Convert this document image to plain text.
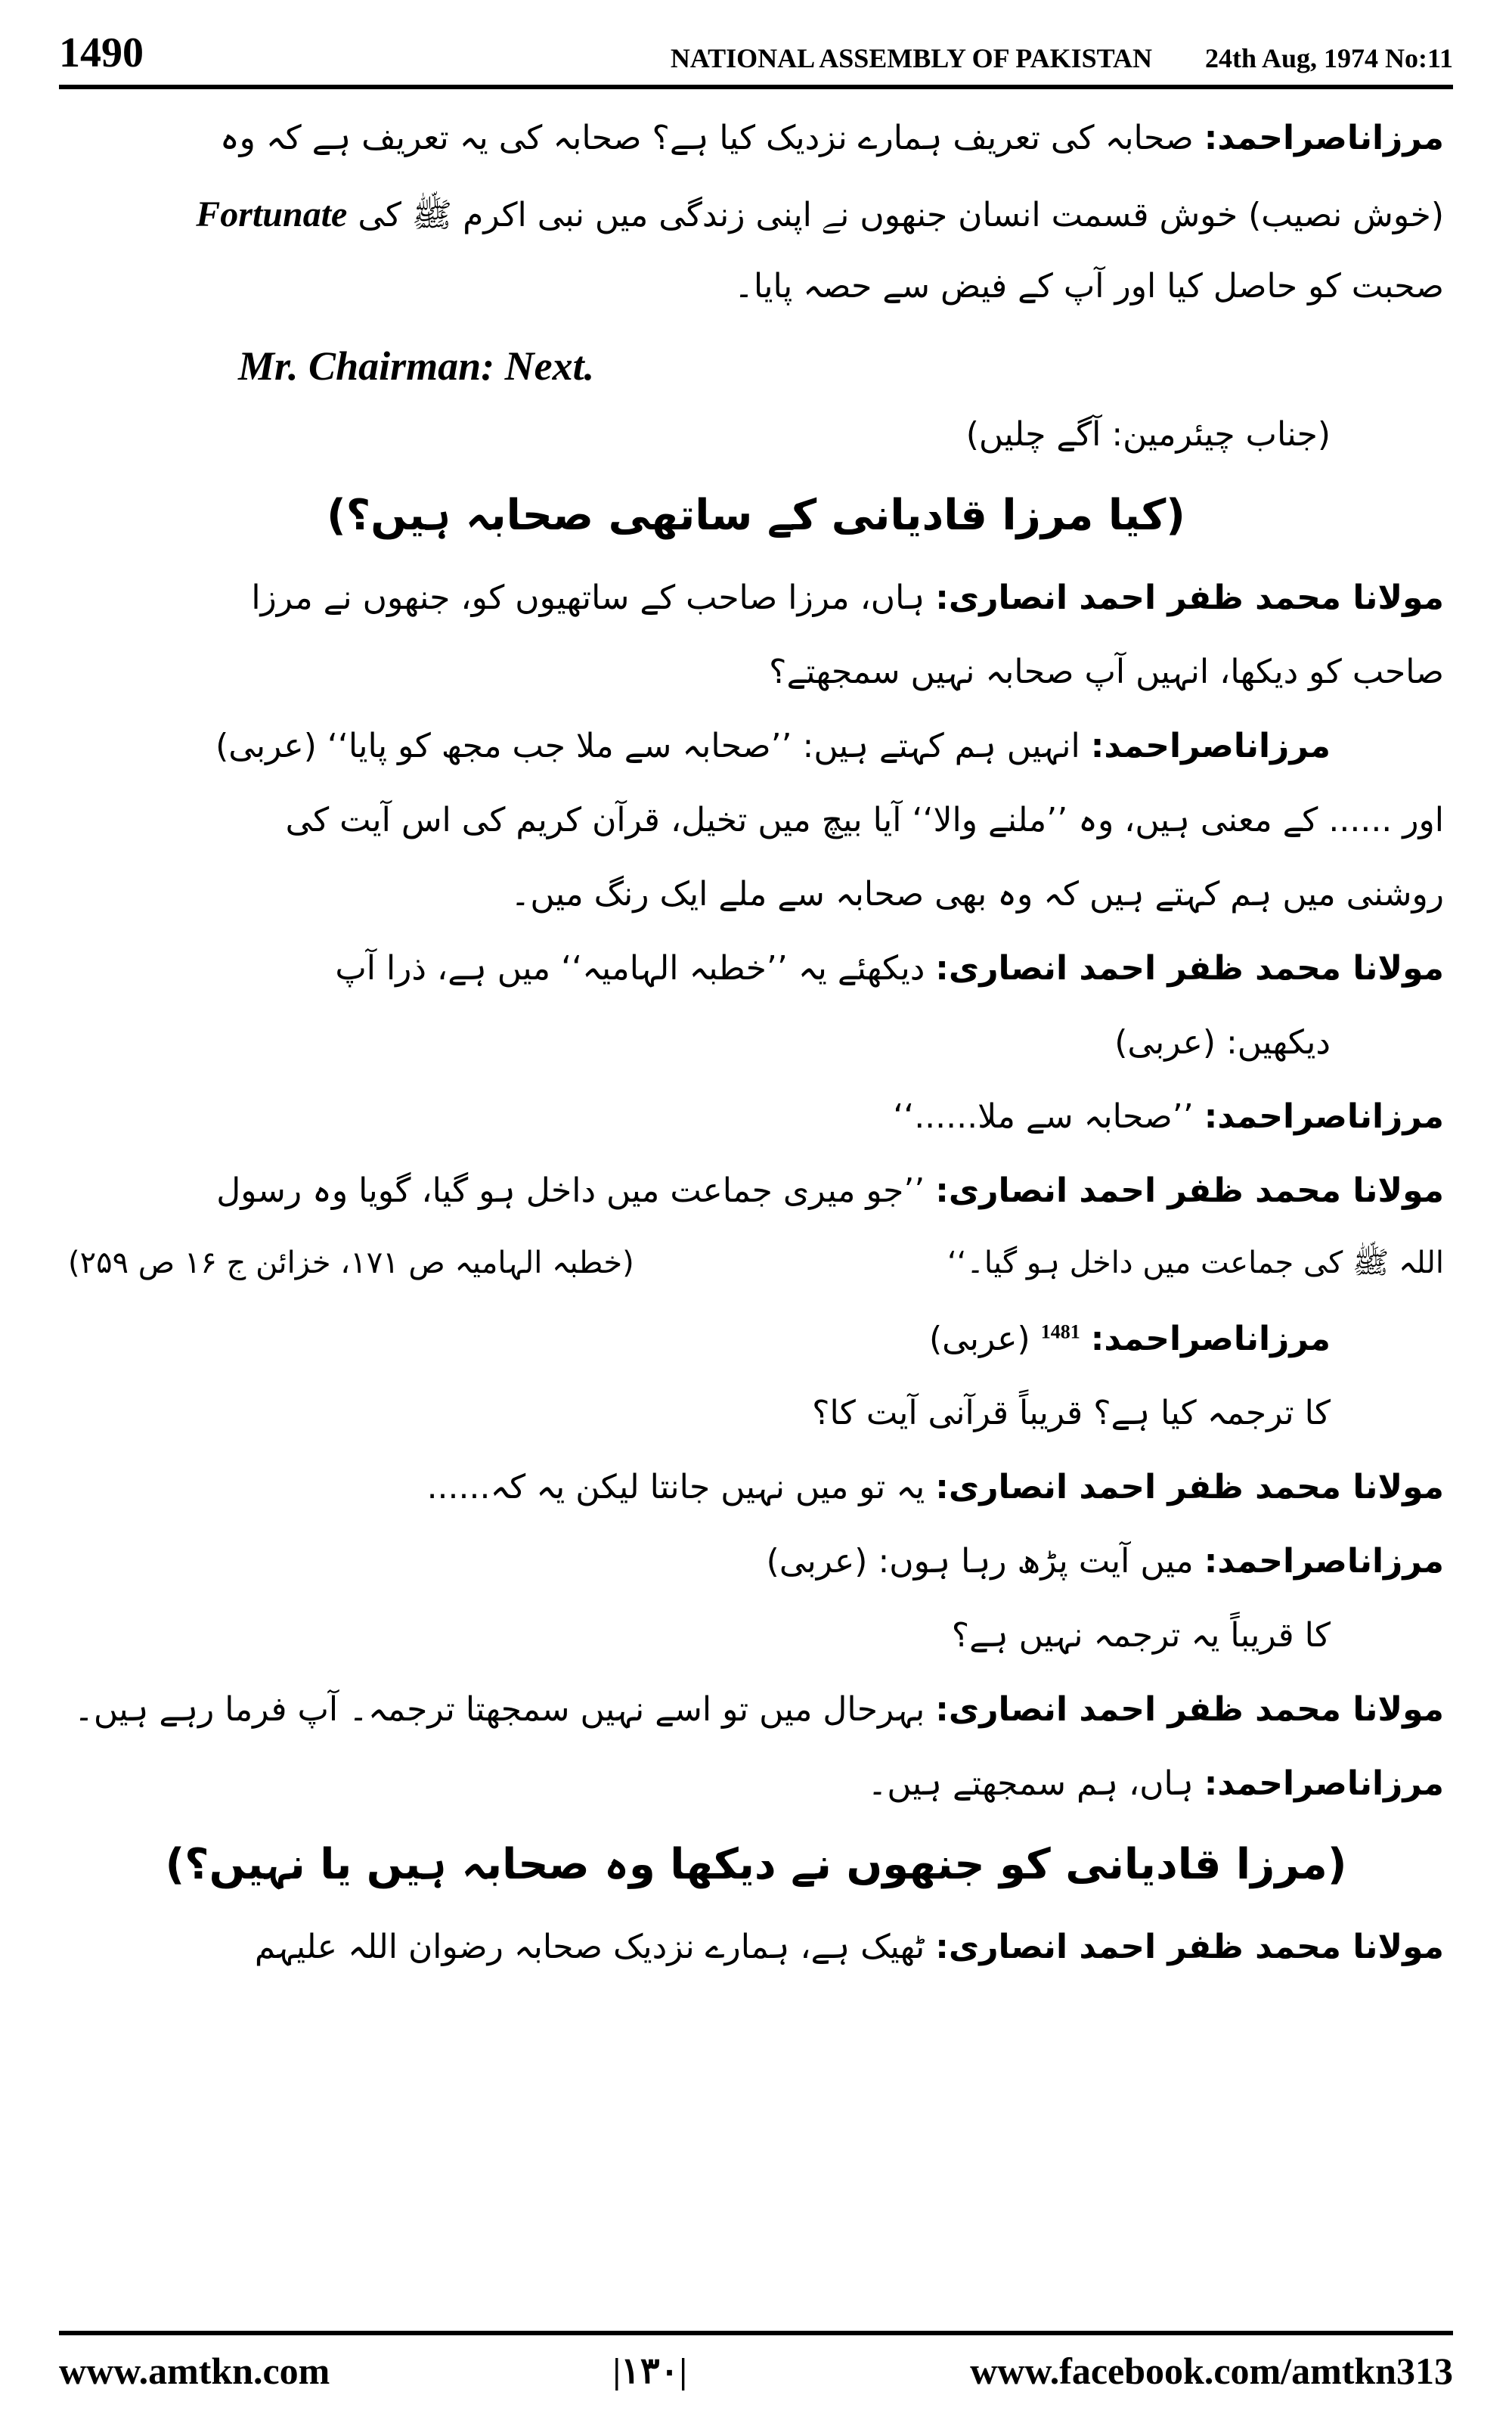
1490	NATIONAL ASSEMBLY OF PAKISTAN 24th Aug, 1974 No:11
مرزاناصراحمد: صحابہ کی تعریف ہمارے نزدیک کیا ہے؟ صحابہ کی یہ تعریف ہے کہ وہ
(خوش نصیب) خوش قسمت انسان جنھوں نے اپنی زندگی میں نبی اکرم ﷺ کی Fortunate
صحبت کو حاصل کیا اور آپ کے فیض سے حصہ پایا۔
Mr. Chairman: Next.
(جناب چیئرمین: آگے چلیں)
(کیا مرزا قادیانی کے ساتھی صحابہ ہیں؟)
مولانا محمد ظفر احمد انصاری: ہاں، مرزا صاحب کے ساتھیوں کو، جنھوں نے مرزا
صاحب کو دیکھا، انہیں آپ صحابہ نہیں سمجھتے؟
مرزاناصراحمد: انہیں ہم کہتے ہیں: ’’صحابہ سے ملا جب مجھ کو پایا‘‘ (عربی)
اور ...... کے معنی ہیں، وہ ’’ملنے والا‘‘ آیا بیچ میں تخیل، قرآن کریم کی اس آیت کی
روشنی میں ہم کہتے ہیں کہ وہ بھی صحابہ سے ملے ایک رنگ میں۔
مولانا محمد ظفر احمد انصاری: دیکھئے یہ ’’خطبہ الہامیہ‘‘ میں ہے، ذرا آپ
دیکھیں: (عربی)
مرزاناصراحمد: ’’صحابہ سے ملا......‘‘
مولانا محمد ظفر احمد انصاری: ’’جو میری جماعت میں داخل ہو گیا، گویا وہ رسول
اللہ ﷺ کی جماعت میں داخل ہو گیا۔‘‘
(خطبہ الہامیہ ص ۱۷۱، خزائن ج ۱۶ ص ۲۵۹)
مرزاناصراحمد: $^{1481}$ (عربی)
کا ترجمہ کیا ہے؟ قریباً قرآنی آیت کا؟
مولانا محمد ظفر احمد انصاری: یہ تو میں نہیں جانتا لیکن یہ کہ......
مرزاناصراحمد: میں آیت پڑھ رہا ہوں: (عربی)
کا قریباً یہ ترجمہ نہیں ہے؟
مولانا محمد ظفر احمد انصاری: بہرحال میں تو اسے نہیں سمجھتا ترجمہ۔ آپ فرما رہے ہیں۔
مرزاناصراحمد: ہاں، ہم سمجھتے ہیں۔
(مرزا قادیانی کو جنھوں نے دیکھا وہ صحابہ ہیں یا نہیں؟)
مولانا محمد ظفر احمد انصاری: ٹھیک ہے، ہمارے نزدیک صحابہ رضوان اللہ علیہم
www.amtkn.com	|۱۳۰|	www.facebook.com/amtkn313
